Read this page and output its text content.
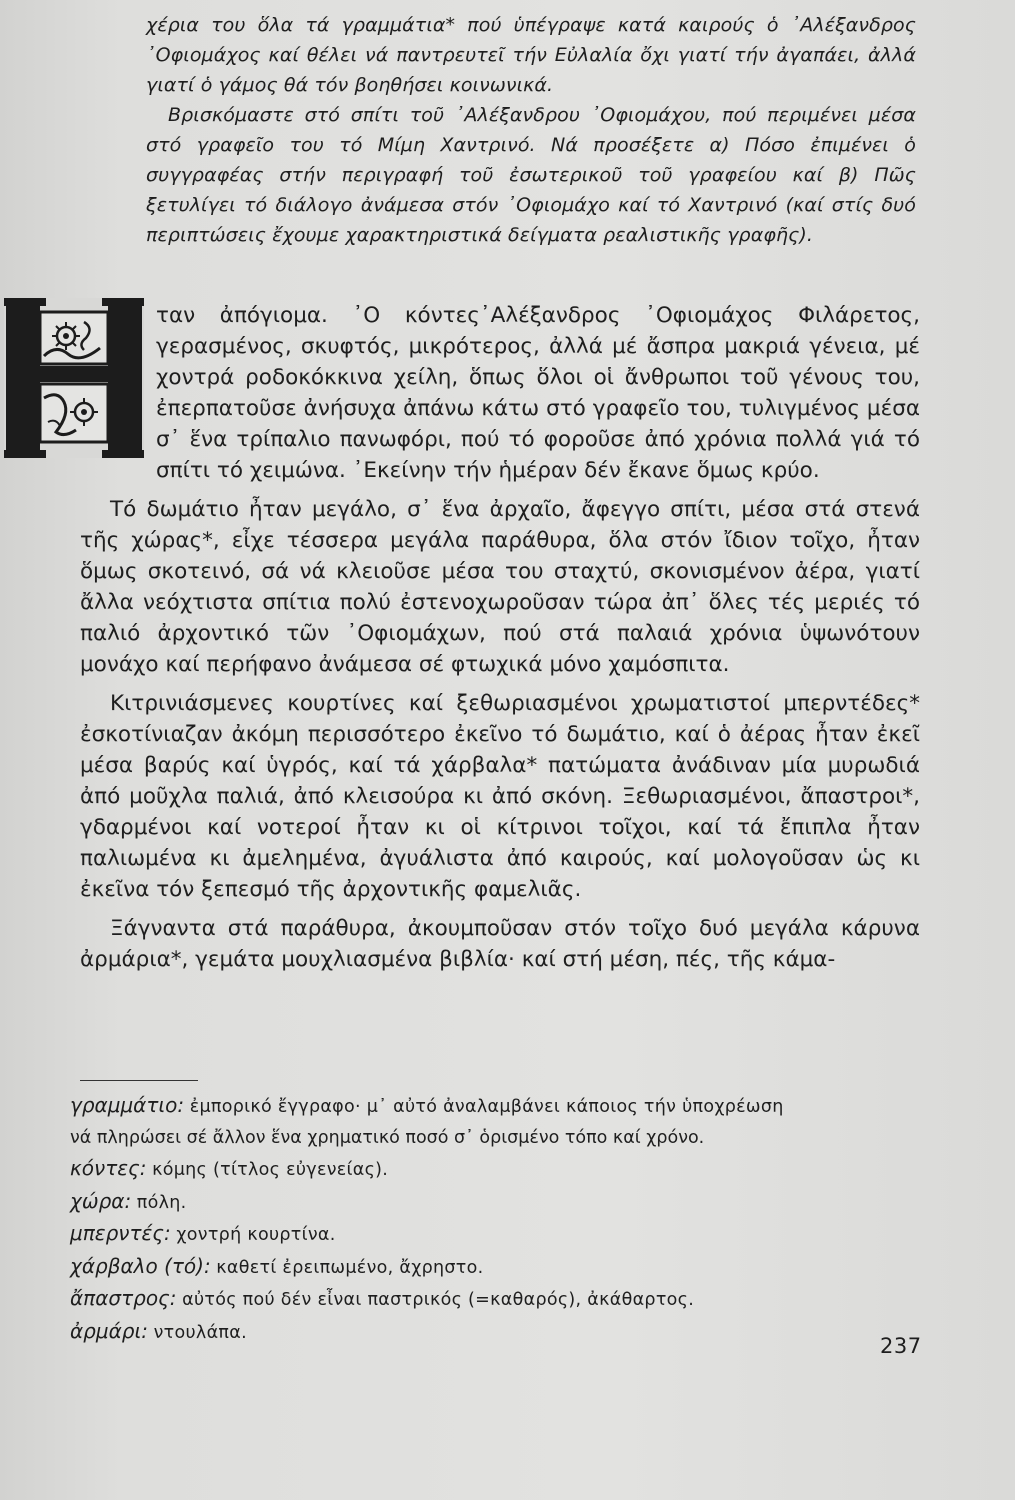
χέρια του ὅλα τά γραμμάτια* πού ὑπέγραψε κατά καιρούς ὁ ᾽Αλέξανδρος ᾽Οφιομάχος καί θέλει νά παντρευτεῖ τήν Εὐλαλία ὄχι γιατί τήν ἀγαπάει, ἀλλά γιατί ὁ γάμος θά τόν βοηθήσει κοινωνικά.

Βρισκόμαστε στό σπίτι τοῦ ᾽Αλέξανδρου ᾽Οφιομάχου, πού περιμένει μέσα στό γραφεῖο του τό Μίμη Χαντρινό. Νά προσέξετε α) Πόσο ἐπιμένει ὁ συγγραφέας στήν περιγραφή τοῦ ἐσωτερικοῦ τοῦ γραφείου καί β) Πῶς ξετυλίγει τό διάλογο ἀνάμεσα στόν ᾽Οφιομάχο καί τό Χαντρινό (καί στίς δυό περιπτώσεις ἔχουμε χαρακτηριστικά δείγματα ρεαλιστικῆς γραφῆς).

ταν ἀπόγιομα. ᾽Ο κόντες᾽Αλέξανδρος ᾽Οφιομάχος Φιλάρετος, γερασμένος, σκυφτός, μικρότερος, ἀλλά μέ ἄσπρα μακριά γένεια, μέ χοντρά ροδοκόκκινα χείλη, ὅπως ὅλοι οἱ ἄνθρωποι τοῦ γένους του, ἐπερπατοῦσε ἀνήσυχα ἀπάνω κάτω στό γραφεῖο του, τυλιγμένος μέσα σ᾽ ἕνα τρίπαλιο πανωφόρι, πού τό φοροῦσε ἀπό χρόνια πολλά γιά τό σπίτι τό χειμώνα. ᾽Εκείνην τήν ἡμέραν δέν ἔκανε ὅμως κρύο.

Τό δωμάτιο ἦταν μεγάλο, σ᾽ ἕνα ἀρχαῖο, ἄφεγγο σπίτι, μέσα στά στενά τῆς χώρας*, εἶχε τέσσερα μεγάλα παράθυρα, ὅλα στόν ἴδιον τοῖχο, ἦταν ὅμως σκοτεινό, σά νά κλειοῦσε μέσα του σταχτύ, σκονισμένον ἀέρα, γιατί ἄλλα νεόχτιστα σπίτια πολύ ἐστενοχωροῦσαν τώρα ἀπ᾽ ὅλες τές μεριές τό παλιό ἀρχοντικό τῶν ᾽Οφιομάχων, πού στά παλαιά χρόνια ὑψωνότουν μονάχο καί περήφανο ἀνάμεσα σέ φτωχικά μόνο χαμόσπιτα.

Κιτρινιάσμενες κουρτίνες καί ξεθωριασμένοι χρωματιστοί μπερντέδες* ἐσκοτίνιαζαν ἀκόμη περισσότερο ἐκεῖνο τό δωμάτιο, καί ὁ ἀέρας ἦταν ἐκεῖ μέσα βαρύς καί ὑγρός, καί τά χάρβαλα* πατώματα ἀνάδιναν μία μυρωδιά ἀπό μοῦχλα παλιά, ἀπό κλεισούρα κι ἀπό σκόνη. Ξεθωριασμένοι, ἄπαστροι*, γδαρμένοι καί νοτεροί ἦταν κι οἱ κίτρινοι τοῖχοι, καί τά ἔπιπλα ἦταν παλιωμένα κι ἀμελημένα, ἀγυάλιστα ἀπό καιρούς, καί μολογοῦσαν ὡς κι ἐκεῖνα τόν ξεπεσμό τῆς ἀρχοντικῆς φαμελιᾶς.

Ξάγναντα στά παράθυρα, ἀκουμποῦσαν στόν τοῖχο δυό μεγάλα κάρυνα ἀρμάρια*, γεμάτα μουχλιασμένα βιβλία· καί στή μέση, πές, τῆς κάμα-

γραμμάτιο: ἐμπορικό ἔγγραφο· μ᾽ αὐτό ἀναλαμβάνει κάποιος τήν ὑποχρέωση

νά πληρώσει σέ ἄλλον ἕνα χρηματικό ποσό σ᾽ ὁρισμένο τόπο καί χρόνο.

κόντες: κόμης (τίτλος εὐγενείας).

χώρα: πόλη.

μπερντές: χοντρή κουρτίνα.

χάρβαλο (τό): καθετί ἐρειπωμένο, ἄχρηστο.

ἄπαστρος: αὐτός πού δέν εἶναι παστρικός (=καθαρός), ἀκάθαρτος.

ἀρμάρι: ντουλάπα.

237
